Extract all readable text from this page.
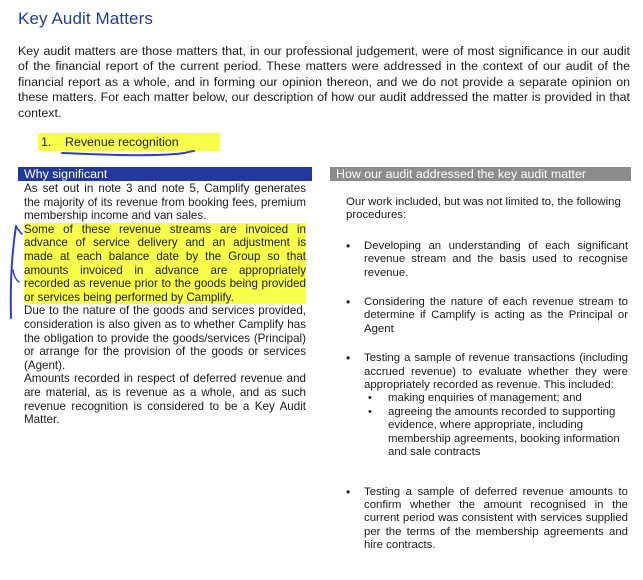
Key Audit Matters
Key audit matters are those matters that, in our professional judgement, were of most significance in our audit of the financial report of the current period. These matters were addressed in the context of our audit of the financial report as a whole, and in forming our opinion thereon, and we do not provide a separate opinion on these matters. For each matter below, our description of how our audit addressed the matter is provided in that context.
1. Revenue recognition
Why significant	How our audit addressed the key audit matter

As set out in note 3 and note 5, Camplify generates the majority of its revenue from booking fees, premium membership income and van sales.

Some of these revenue streams are invoiced in advance of service delivery and an adjustment is made at each balance date by the Group so that amounts invoiced in advance are appropriately recorded as revenue prior to the goods being provided or services being performed by Camplify.

Due to the nature of the goods and services provided, consideration is also given as to whether Camplify has the obligation to provide the goods/services (Principal) or arrange for the provision of the goods or services (Agent).

Amounts recorded in respect of deferred revenue and are material, as is revenue as a whole, and as such revenue recognition is considered to be a Key Audit Matter.

Our work included, but was not limited to, the following procedures:

• Developing an understanding of each significant revenue stream and the basis used to recognise revenue.
• Considering the nature of each revenue stream to determine if Camplify is acting as the Principal or Agent
• Testing a sample of revenue transactions (including accrued revenue) to evaluate whether they were appropriately recorded as revenue. This included:
• making enquiries of management; and
• agreeing the amounts recorded to supporting evidence, where appropriate, including membership agreements, booking information and sale contracts
• Testing a sample of deferred revenue amounts to confirm whether the amount recognised in the current period was consistent with services supplied per the terms of the membership agreements and hire contracts.
